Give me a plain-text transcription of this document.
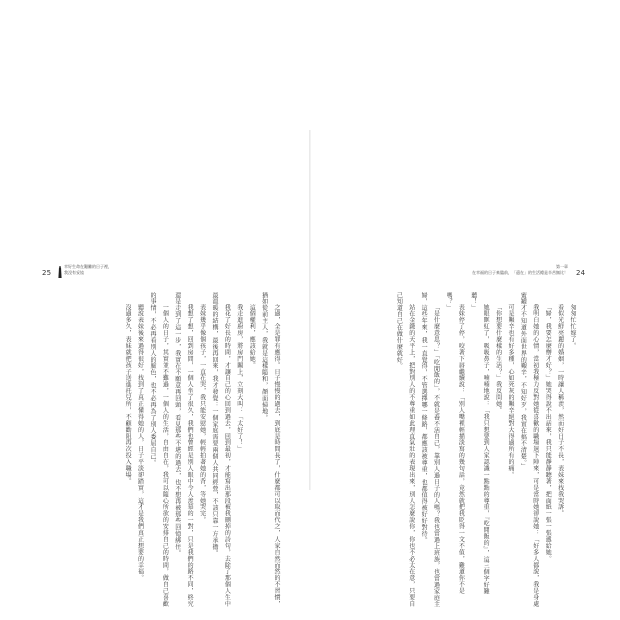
25
幸好生命在艱難的日子裡，
我沒有妥協

之過，全是罪有應得。日子慢慢的過去，到底是時間長了，什麼都可以取而代之，人家自然而然的不習慣，猶如從前主人，我就是這樣隨和，顏面掃地。

這個權利，應該給她。

我走進廚房，將房門關上，立刻大叫：「太好了！」

我花了好長的時間，才讓自己的心回到過去，回到最初，才能寫出那段被我刪掉的詩句，去除了那個人生中最溫暖的結構，最後再回來，我才發覺：一個家庭需要兩個人共同經營，不該只靠一方承擔。

表妹幾乎像個孩子，一直在哭，我只能安慰她，輕輕拍著她的背，等她哭完。

我想了想，回到房間，一個人坐了很久，我們也曾經是別人眼中令人羨慕的一對，只是我們的路不同，終究還是走到了這一步，我實在不願意再回頭，看見那些不堪的過去，也不想再被那些回憶綁住。

一個人的日子，其實並不難過，一個人的生活，自由自在，我可以隨心所欲的安排自己的時間，做自己喜歡的事情，不必再看別人的臉色，也不必再為了別人委屈自己。

聽說表妹後來過得很好，找到了真正懂得她的人，日子平淡卻踏實，這才是我們真正想要的幸福。

沒過多久，表妹就把孩子送進托兒所，不顧勸阻再次投入職場。

第一章
在幸福的日子來臨前，「還在」的生活總是辛苦無比！ 24

匆匆忙忙嫁了。

看似光鮮亮麗的婚姻，一時讓人稱羨，然而好日子不長，表妹來找我哭訴。

「婦，我要怎麼辦才好？」她哭得說不出話來，我只能靜靜聽著，把面紙一張一張遞給她。

我明白她的心情，當初我極力反對她從喜歡的職場退下陣來，可是當時她卻說她：「好多人都說，我是身處蜜罐才不知道外面世界的艱辛，不知好歹，我實在搞不清楚。」

可是艱辛也有好多種，心如死灰的艱辛絕對大得過所有的痛。

「你想要什麼樣的生活？」我反問她。

她眼眶紅了，吸吸鼻子，喃喃地說：「我只想要到人家認識一點點的尊重，『吃閒飯的』，這三個字好難聽！」

表妹停了停，咬著下唇繼續說：「別人嘴裡輕描淡寫的幾句話，竟然就把我貶得一文不值，難道你不是嗎？」

「是什麼意思？」「吃閒飯的」，不就是養不活自己，靠別人過日子的人嗎？我也當過上班族，也當過家庭主婦，這些年來，我一直覺得，不管選擇哪一條路，都應該被尊重，也都值得被好好對待。

站在金錢的天平上，把對別人的不尊重如此理直氣壯的表現出來，別人怎麼說你，你也不必太在意，只要自己知道自己在做什麼就好。
